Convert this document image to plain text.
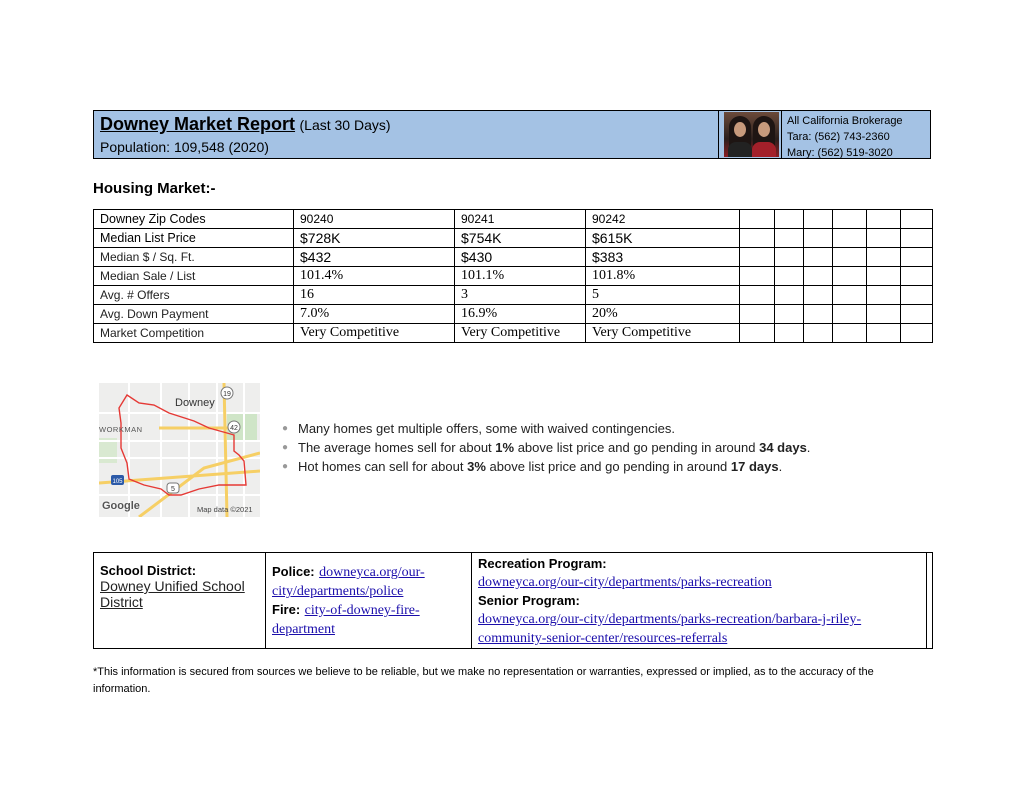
Downey Market Report (Last 30 Days)
Population: 109,548 (2020)
All California Brokerage
Tara: (562) 743-2360
Mary: (562) 519-3020
Housing Market:-
Downey Zip Codes	90240	90241	90242						
Median List Price	$728K	$754K	$615K						
Median $ / Sq. Ft.	$432	$430	$383						
Median Sale / List	101.4%	101.1%	101.8%						
Avg. # Offers	16	3	5						
Avg. Down Payment	7.0%	16.9%	20%						
Market Competition	Very Competitive	Very Competitive	Very Competitive						
19
42
105
5
Downey
WORKMAN
Google	Map data ©2021
● Many homes get multiple offers, some with waived contingencies.
● The average homes sell for about 1% above list price and go pending in around 34 days.
● Hot homes can sell for about 3% above list price and go pending in around 17 days.
School District:
Downey Unified School District

Police: downeyca.org/our-city/departments/police
Fire: city-of-downey-fire-department

Recreation Program:
downeyca.org/our-city/departments/parks-recreation
Senior Program:
downeyca.org/our-city/departments/parks-recreation/barbara-j-riley-community-senior-center/resources-referrals

*This information is secured from sources we believe to be reliable, but we make no representation or warranties, expressed or implied, as to the accuracy of the information.
